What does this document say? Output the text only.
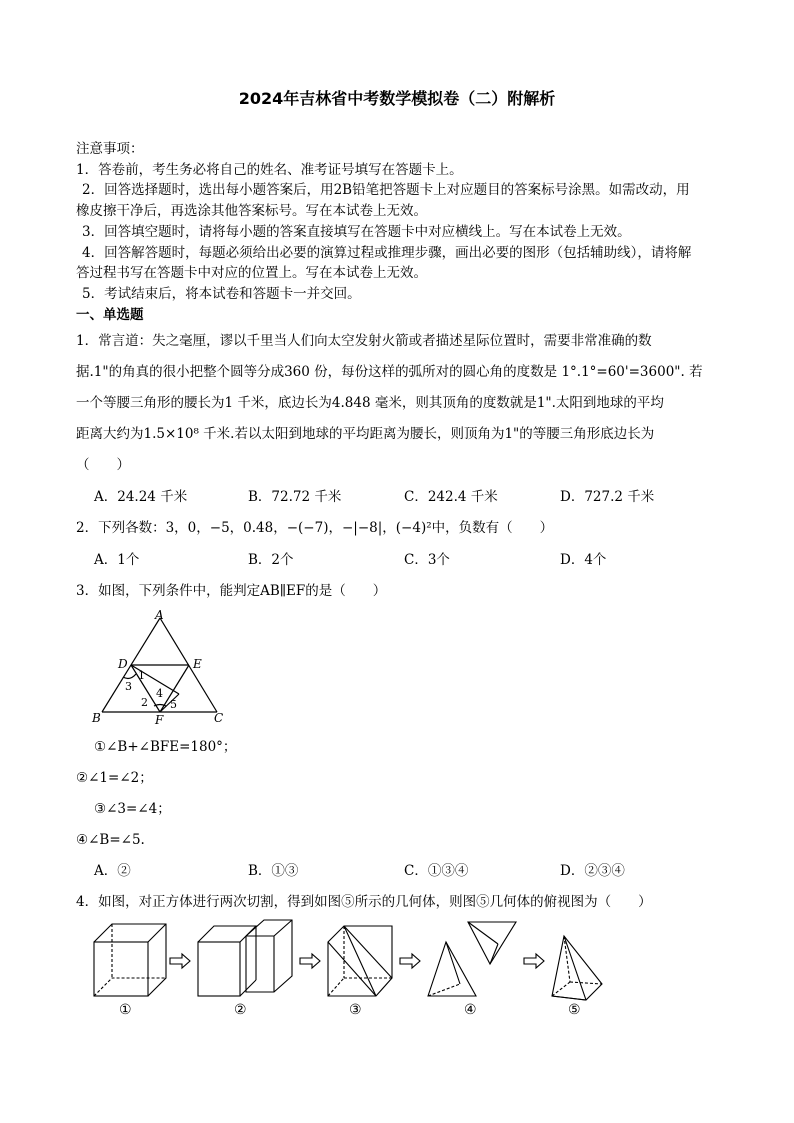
2024年吉林省中考数学模拟卷（二）附解析
注意事项：
1．答卷前，考生务必将自己的姓名、准考证号填写在答题卡上。
2．回答选择题时，选出每小题答案后，用2B铅笔把答题卡上对应题目的答案标号涂黑。如需改动，用
橡皮擦干净后，再选涂其他答案标号。写在本试卷上无效。
3．回答填空题时，请将每小题的答案直接填写在答题卡中对应横线上。写在本试卷上无效。
4．回答解答题时，每题必须给出必要的演算过程或推理步骤，画出必要的图形（包括辅助线），请将解
答过程书写在答题卡中对应的位置上。写在本试卷上无效。
5．考试结束后，将本试卷和答题卡一并交回。
一、单选题
1．常言道：失之毫厘，谬以千里当人们向太空发射火箭或者描述星际位置时，需要非常准确的数
据.1"的角真的很小把整个圆等分成360 份，每份这样的弧所对的圆心角的度数是 1°.1°=60'=3600". 若
一个等腰三角形的腰长为1 千米，底边长为4.848 毫米，则其顶角的度数就是1".太阳到地球的平均
距离大约为1.5×10⁸ 千米.若以太阳到地球的平均距离为腰长，则顶角为1"的等腰三角形底边长为
（　　）
A．24.24 千米	B．72.72 千米	C．242.4 千米	D．727.2 千米
2．下列各数：3，0，−5，0.48，−(−7)，−|−8|，(−4)²中，负数有（　　）
A．1个	B．2个	C．3个	D．4个
3．如图，下列条件中，能判定AB∥EF的是（　　）
A
D	E
1
3
4
2 5
B	F	C
①∠B+∠BFE=180°；
②∠1=∠2；
③∠3=∠4；
④∠B=∠5.
A．②	B．①③	C．①③④	D．②③④
4．如图，对正方体进行两次切割，得到如图⑤所示的几何体，则图⑤几何体的俯视图为（　　）
①	②	③	④	⑤
